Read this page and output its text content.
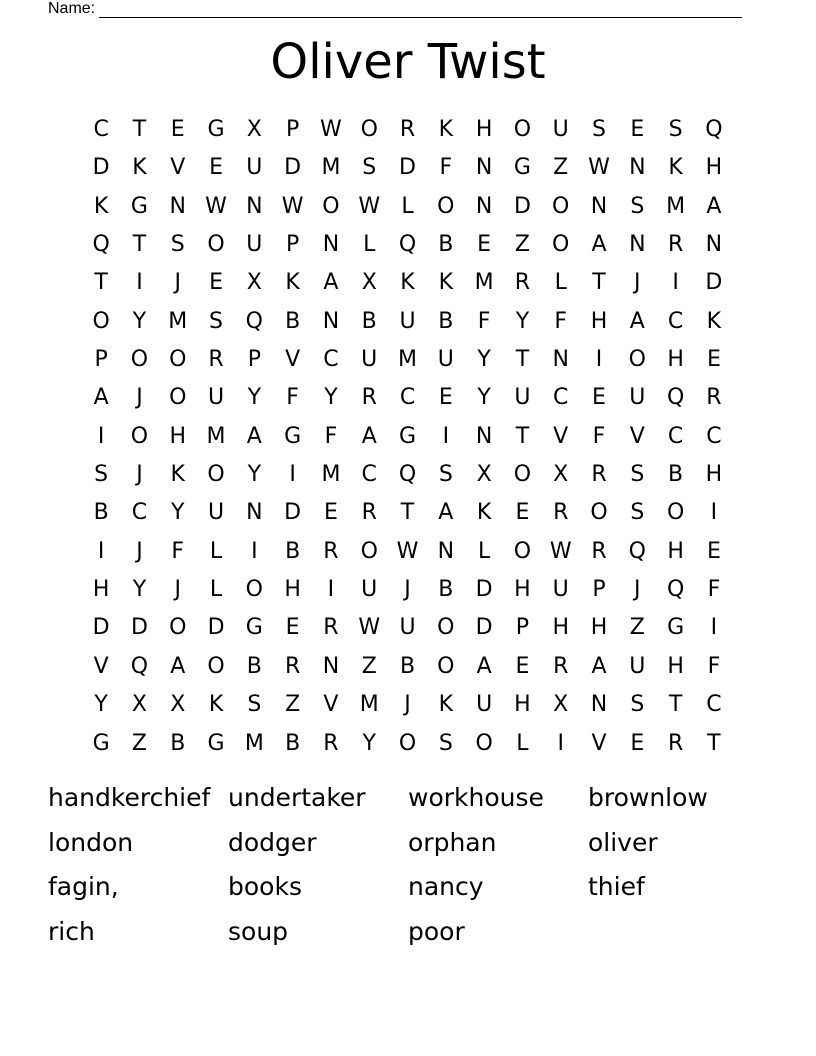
Name:
Oliver Twist
C	T	E	G	X	P W O R	K	H O U	S	E	S	Q
D	K	V	E	U D M S	D	F	N G	Z W N	K	H
K	G N W N W O W L	O N D O N	S M A
Q	T	S	O U	P	N	L	Q	B	E	Z	O	A	N	R	N
T	I	J	E	X	K	A	X	K	K M R	L	T	J	I	D
O	Y	M S	Q	B	N	B	U	B	F	Y	F	H	A	C	K
P	O O R	P	V	C	U M U	Y	T	N	I	O H	E
A	J	O U	Y	F	Y	R	C	E	Y	U	C	E	U Q R
I	O H M A	G	F	A	G	I	N	T	V	F	V	C	C
S	J	K	O	Y	I	M C Q	S	X	O	X	R	S	B	H
B	C	Y	U	N D	E	R	T	A	K	E	R O	S	O	I
I	J	F	L	I	B	R O W N	L	O W R Q H	E
H	Y	J	L	O H	I	U	J	B	D H U	P	J	Q	F
D D O D G	E	R W U O D	P	H H	Z	G	I
V	Q	A	O	B	R	N	Z	B	O	A	E	R	A	U H	F
Y	X	X	K	S	Z	V M	J	K	U H	X	N	S	T	C
G	Z	B	G M B	R	Y	O	S	O	L	I	V	E	R	T
handkerchief undertaker	workhouse	brownlow
london	dodger	orphan	oliver
fagin,	books	nancy	thief
rich	soup	poor
